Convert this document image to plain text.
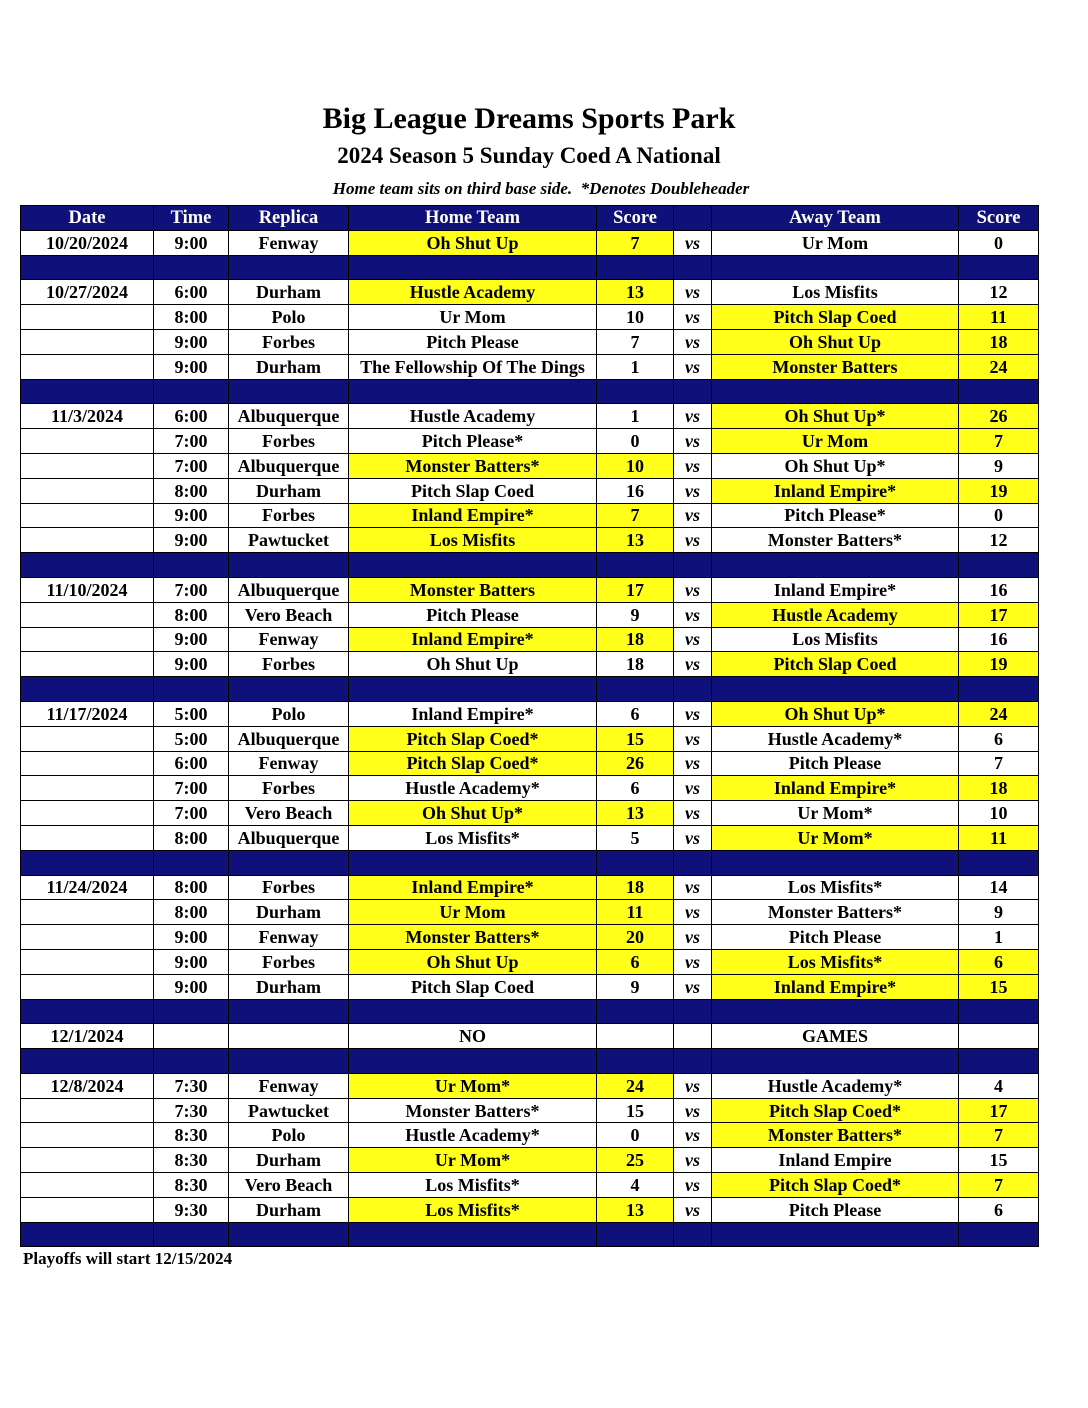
Big League Dreams Sports Park
2024 Season 5 Sunday Coed A National
Home team sits on third base side.  *Denotes Doubleheader
Date	Time	Replica	Home Team	Score		Away Team	Score
10/20/2024	9:00	Fenway	Oh Shut Up	7	vs	Ur Mom	0

10/27/2024	6:00	Durham	Hustle Academy	13	vs	Los Misfits	12
	8:00	Polo	Ur Mom	10	vs	Pitch Slap Coed	11
	9:00	Forbes	Pitch Please	7	vs	Oh Shut Up	18
	9:00	Durham	The Fellowship Of The Dings	1	vs	Monster Batters	24

11/3/2024	6:00	Albuquerque	Hustle Academy	1	vs	Oh Shut Up*	26
	7:00	Forbes	Pitch Please*	0	vs	Ur Mom	7
	7:00	Albuquerque	Monster Batters*	10	vs	Oh Shut Up*	9
	8:00	Durham	Pitch Slap Coed	16	vs	Inland Empire*	19
	9:00	Forbes	Inland Empire*	7	vs	Pitch Please*	0
	9:00	Pawtucket	Los Misfits	13	vs	Monster Batters*	12

11/10/2024	7:00	Albuquerque	Monster Batters	17	vs	Inland Empire*	16
	8:00	Vero Beach	Pitch Please	9	vs	Hustle Academy	17
	9:00	Fenway	Inland Empire*	18	vs	Los Misfits	16
	9:00	Forbes	Oh Shut Up	18	vs	Pitch Slap Coed	19

11/17/2024	5:00	Polo	Inland Empire*	6	vs	Oh Shut Up*	24
	5:00	Albuquerque	Pitch Slap Coed*	15	vs	Hustle Academy*	6
	6:00	Fenway	Pitch Slap Coed*	26	vs	Pitch Please	7
	7:00	Forbes	Hustle Academy*	6	vs	Inland Empire*	18
	7:00	Vero Beach	Oh Shut Up*	13	vs	Ur Mom*	10
	8:00	Albuquerque	Los Misfits*	5	vs	Ur Mom*	11

11/24/2024	8:00	Forbes	Inland Empire*	18	vs	Los Misfits*	14
	8:00	Durham	Ur Mom	11	vs	Monster Batters*	9
	9:00	Fenway	Monster Batters*	20	vs	Pitch Please	1
	9:00	Forbes	Oh Shut Up	6	vs	Los Misfits*	6
	9:00	Durham	Pitch Slap Coed	9	vs	Inland Empire*	15

12/1/2024			NO			GAMES	

12/8/2024	7:30	Fenway	Ur Mom*	24	vs	Hustle Academy*	4
	7:30	Pawtucket	Monster Batters*	15	vs	Pitch Slap Coed*	17
	8:30	Polo	Hustle Academy*	0	vs	Monster Batters*	7
	8:30	Durham	Ur Mom*	25	vs	Inland Empire	15
	8:30	Vero Beach	Los Misfits*	4	vs	Pitch Slap Coed*	7
	9:30	Durham	Los Misfits*	13	vs	Pitch Please	6

Playoffs will start 12/15/2024
